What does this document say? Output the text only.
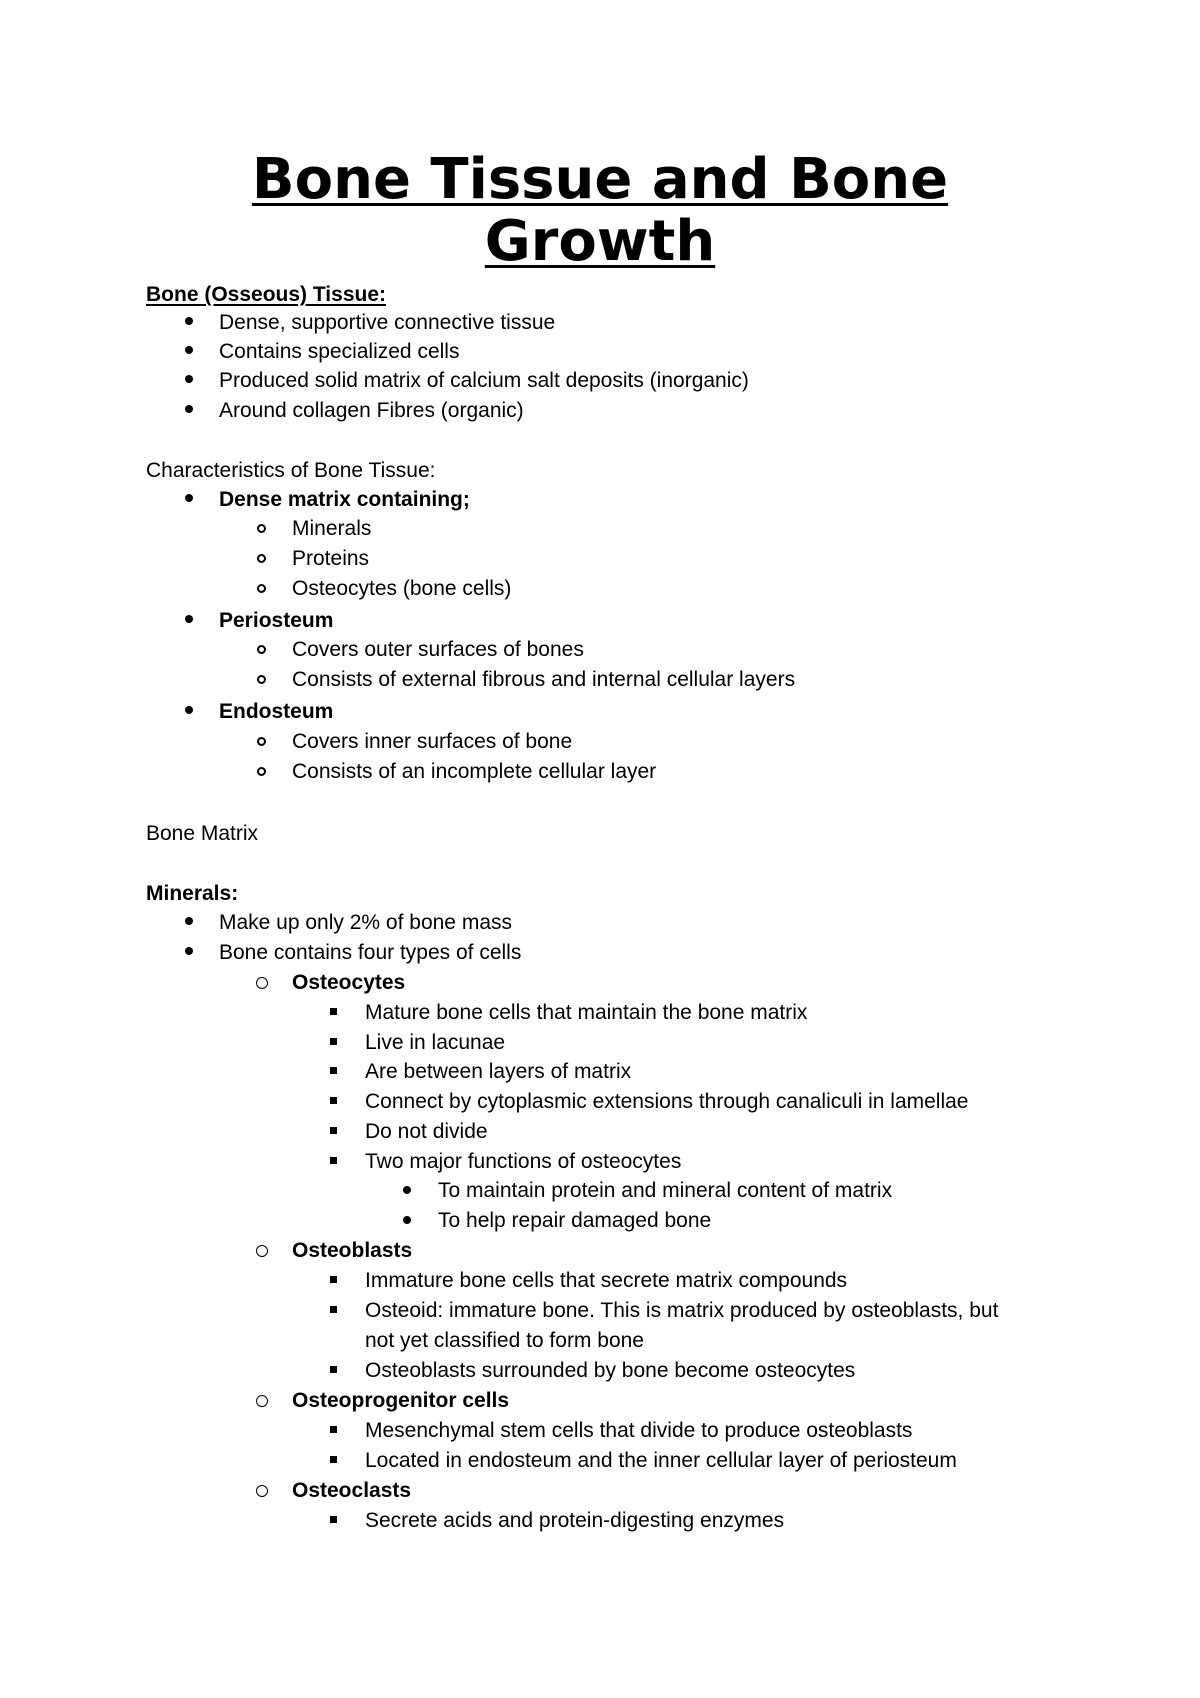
Bone Tissue and Bone
Growth
Bone (Osseous) Tissue:
Dense, supportive connective tissue
Contains specialized cells
Produced solid matrix of calcium salt deposits (inorganic)
Around collagen Fibres (organic)
Characteristics of Bone Tissue:
Dense matrix containing;
Minerals
Proteins
Osteocytes (bone cells)
Periosteum
Covers outer surfaces of bones
Consists of external fibrous and internal cellular layers
Endosteum
Covers inner surfaces of bone
Consists of an incomplete cellular layer
Bone Matrix
Minerals:
Make up only 2% of bone mass
Bone contains four types of cells
Osteocytes
Mature bone cells that maintain the bone matrix
Live in lacunae
Are between layers of matrix
Connect by cytoplasmic extensions through canaliculi in lamellae
Do not divide
Two major functions of osteocytes
To maintain protein and mineral content of matrix
To help repair damaged bone
Osteoblasts
Immature bone cells that secrete matrix compounds
Osteoid: immature bone. This is matrix produced by osteoblasts, but
not yet classified to form bone
Osteoblasts surrounded by bone become osteocytes
Osteoprogenitor cells
Mesenchymal stem cells that divide to produce osteoblasts
Located in endosteum and the inner cellular layer of periosteum
Osteoclasts
Secrete acids and protein-digesting enzymes
